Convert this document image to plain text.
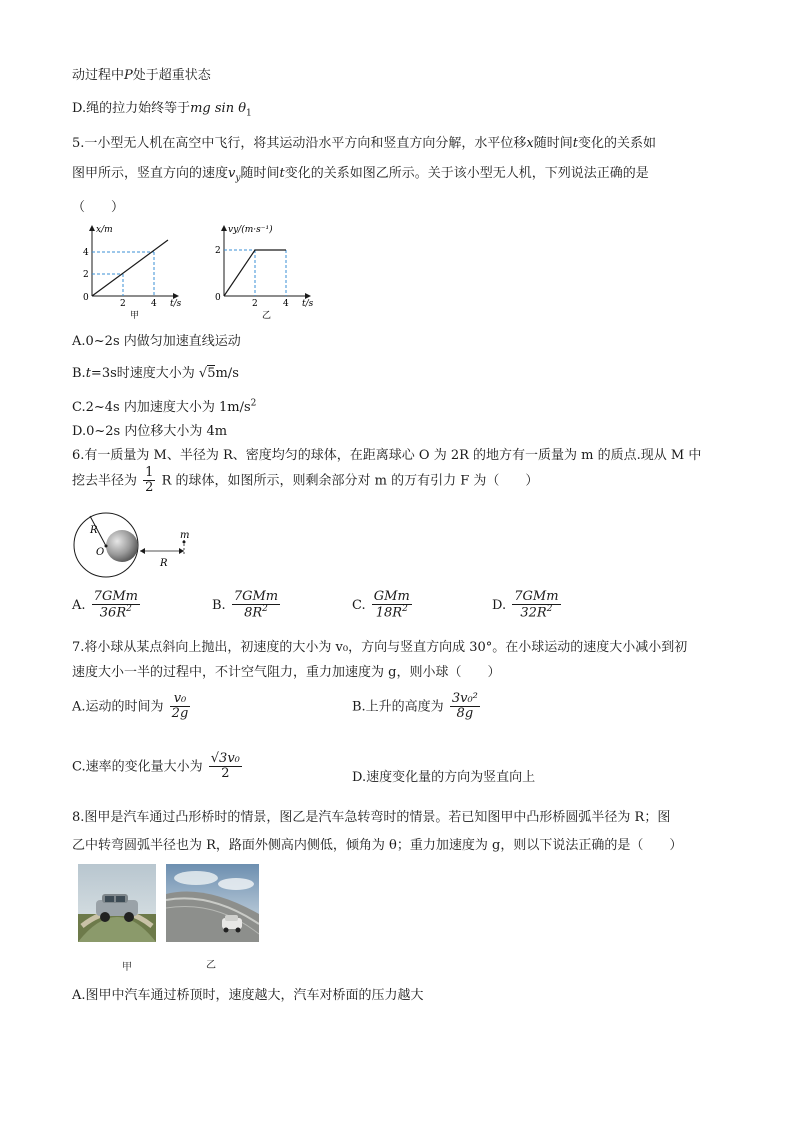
动过程中P处于超重状态
D.绳的拉力始终等于mg $\sin \theta_1$
5.一小型无人机在高空中飞行，将其运动沿水平方向和竖直方向分解，水平位移x随时间t变化的关系如
图甲所示，竖直方向的速度$v_y$随时间t变化的关系如图乙所示。关于该小型无人机，下列说法正确的是
（　　）
x/m
t/s
0
2
4
2	4
甲
vy/(m·s⁻¹)
t/s
0
2
2	4
乙
A.0~2s 内做匀加速直线运动
B.t=3s时速度大小为 √5m/s
C.2~4s 内加速度大小为 $1m/s^2$
D.0~2s 内位移大小为 4m
6.有一质量为 M、半径为 R、密度均匀的球体，在距离球心 O 为 2R 的地方有一质量为 m 的质点.现从 M 中
挖去半径为 $\frac{1}{2}$ R 的球体，如图所示，则剩余部分对 m 的万有引力 F 为（　　）
R
O
R
m
A. $\frac{\text{7GMm}}{36R^2}$	B. $\frac{\text{7GMm}}{8R^2}$	C. $\frac{\text{GMm}}{18R^2}$	D. $\frac{\text{7GMm}}{32R^2}$
7.将小球从某点斜向上抛出，初速度的大小为 v₀，方向与竖直方向成 30°。在小球运动的速度大小减小到初
速度大小一半的过程中，不计空气阻力，重力加速度为 g，则小球（　　）
A.运动的时间为 $\frac{\text{v₀}}{2g}$	B.上升的高度为 $\frac{\text{3v₀²}}{8g}$
C.速率的变化量大小为 $\frac{\text{√3v₀}}{2}$	D.速度变化量的方向为竖直向上
8.图甲是汽车通过凸形桥时的情景，图乙是汽车急转弯时的情景。若已知图甲中凸形桥圆弧半径为 R；图
乙中转弯圆弧半径也为 R，路面外侧高内侧低，倾角为 θ；重力加速度为 g，则以下说法正确的是（　　）
甲	乙
A.图甲中汽车通过桥顶时，速度越大，汽车对桥面的压力越大
